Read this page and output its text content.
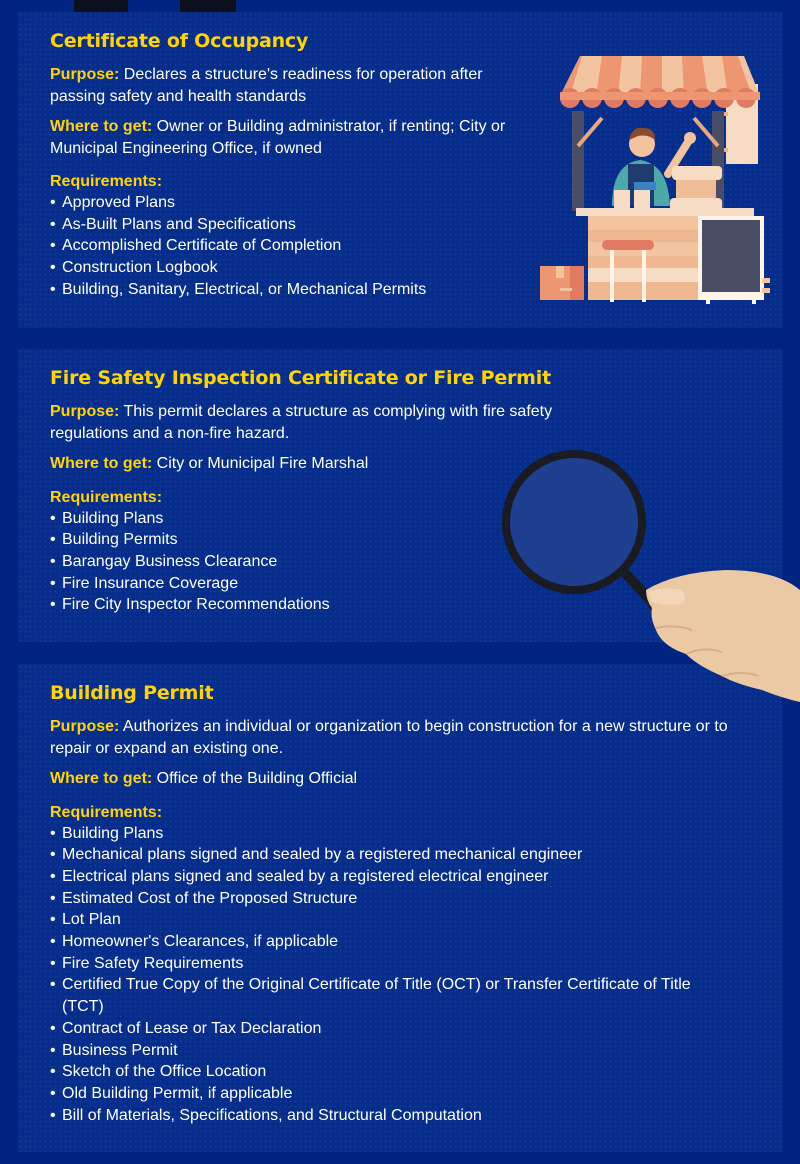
Certificate of Occupancy

Purpose: Declares a structure's readiness for operation after passing safety and health standards

Where to get: Owner or Building administrator, if renting; City or Municipal Engineering Office, if owned

Requirements:
• Approved Plans
• As-Built Plans and Specifications
• Accomplished Certificate of Completion
• Construction Logbook
• Building, Sanitary, Electrical, or Mechanical Permits
Fire Safety Inspection Certificate or Fire Permit

Purpose: This permit declares a structure as complying with fire safety regulations and a non-fire hazard.

Where to get: City or Municipal Fire Marshal

Requirements:
• Building Plans
• Building Permits
• Barangay Business Clearance
• Fire Insurance Coverage
• Fire City Inspector Recommendations
Building Permit

Purpose: Authorizes an individual or organization to begin construction for a new structure or to repair or expand an existing one.

Where to get: Office of the Building Official

Requirements:
• Building Plans
• Mechanical plans signed and sealed by a registered mechanical engineer
• Electrical plans signed and sealed by a registered electrical engineer
• Estimated Cost of the Proposed Structure
• Lot Plan
• Homeowner's Clearances, if applicable
• Fire Safety Requirements
• Certified True Copy of the Original Certificate of Title (OCT) or Transfer Certificate of Title (TCT)
• Contract of Lease or Tax Declaration
• Business Permit
• Sketch of the Office Location
• Old Building Permit, if applicable
• Bill of Materials, Specifications, and Structural Computation
